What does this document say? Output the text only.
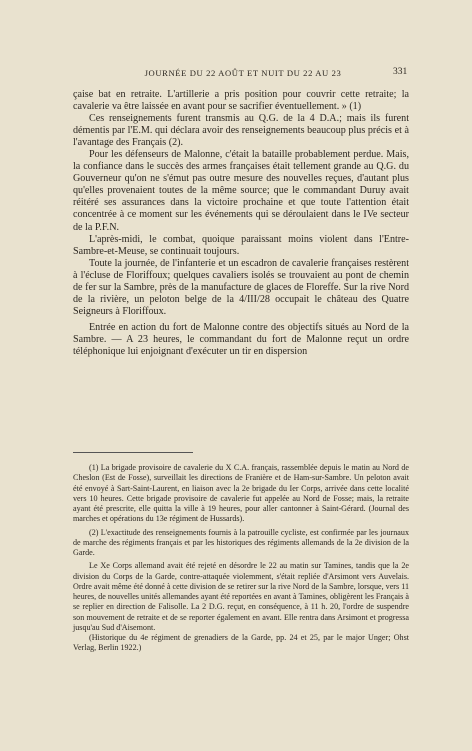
JOURNÉE DU 22 AOÛT ET NUIT DU 22 AU 23	331

çaise bat en retraite. L'artillerie a pris position pour couvrir cette retraite; la cavalerie va être laissée en avant pour se sacrifier éventuellement. » (1)

Ces renseignements furent transmis au Q.G. de la 4 D.A.; mais ils furent démentis par l'E.M. qui déclara avoir des renseignements beaucoup plus précis et à l'avantage des Français (2).

Pour les défenseurs de Malonne, c'était la bataille probablement perdue. Mais, la confiance dans le succès des armes françaises était tellement grande au Q.G. du Gouverneur qu'on ne s'émut pas outre mesure des nouvelles reçues, d'autant plus qu'elles provenaient toutes de la même source; que le commandant Duruy avait réitéré ses assurances dans la victoire prochaine et que toute l'attention était concentrée à ce moment sur les événements qui se déroulaient dans le IVe secteur de la P.F.N.

L'après-midi, le combat, quoique paraissant moins violent dans l'Entre-Sambre-et-Meuse, se continuait toujours.

Toute la journée, de l'infanterie et un escadron de cavalerie françaises restèrent à l'écluse de Floriffoux; quelques cavaliers isolés se trouvaient au pont de chemin de fer sur la Sambre, près de la manufacture de glaces de Floreffe. Sur la rive Nord de la rivière, un peloton belge de la 4/III/28 occupait le château des Quatre Seigneurs à Floriffoux.

Entrée en action du fort de Malonne contre des objectifs situés au Nord de la Sambre. — A 23 heures, le commandant du fort de Malonne reçut un ordre téléphonique lui enjoignant d'exécuter un tir en dispersion

(1) La brigade provisoire de cavalerie du X C.A. français, rassemblée depuis le matin au Nord de Cheslon (Est de Fosse), surveillait les directions de Franière et de Ham-sur-Sambre. Un peloton avait été envoyé à Sart-Saint-Laurent, en liaison avec la 2e brigade du Ier Corps, arrivée dans cette localité vers 10 heures. Cette brigade provisoire de cavalerie fut appelée au Nord de Fosse; mais, la retraite ayant été prescrite, elle quitta la ville à 19 heures, pour aller cantonner à Saint-Gérard. (Journal des marches et opérations du 13e régiment de Hussards).

(2) L'exactitude des renseignements fournis à la patrouille cycliste, est confirmée par les journaux de marche des régiments français et par les historiques des régiments allemands de la 2e division de la Garde.

Le Xe Corps allemand avait été rejeté en désordre le 22 au matin sur Tamines, tandis que la 2e division du Corps de la Garde, contre-attaquée violemment, s'était repliée d'Arsimont vers Auvelais. Ordre avait même été donné à cette division de se retirer sur la rive Nord de la Sambre, lorsque, vers 11 heures, de nouvelles unités allemandes ayant été reportées en avant à Tamines, obligèrent les Français à se replier en direction de Falisolle. La 2 D.G. reçut, en conséquence, à 11 h. 20, l'ordre de suspendre son mouvement de retraite et de se reporter également en avant. Elle rentra dans Arsimont et progressa jusqu'au Sud d'Aisemont.

(Historique du 4e régiment de grenadiers de la Garde, pp. 24 et 25, par le major Unger; Ohst Verlag, Berlin 1922.)
